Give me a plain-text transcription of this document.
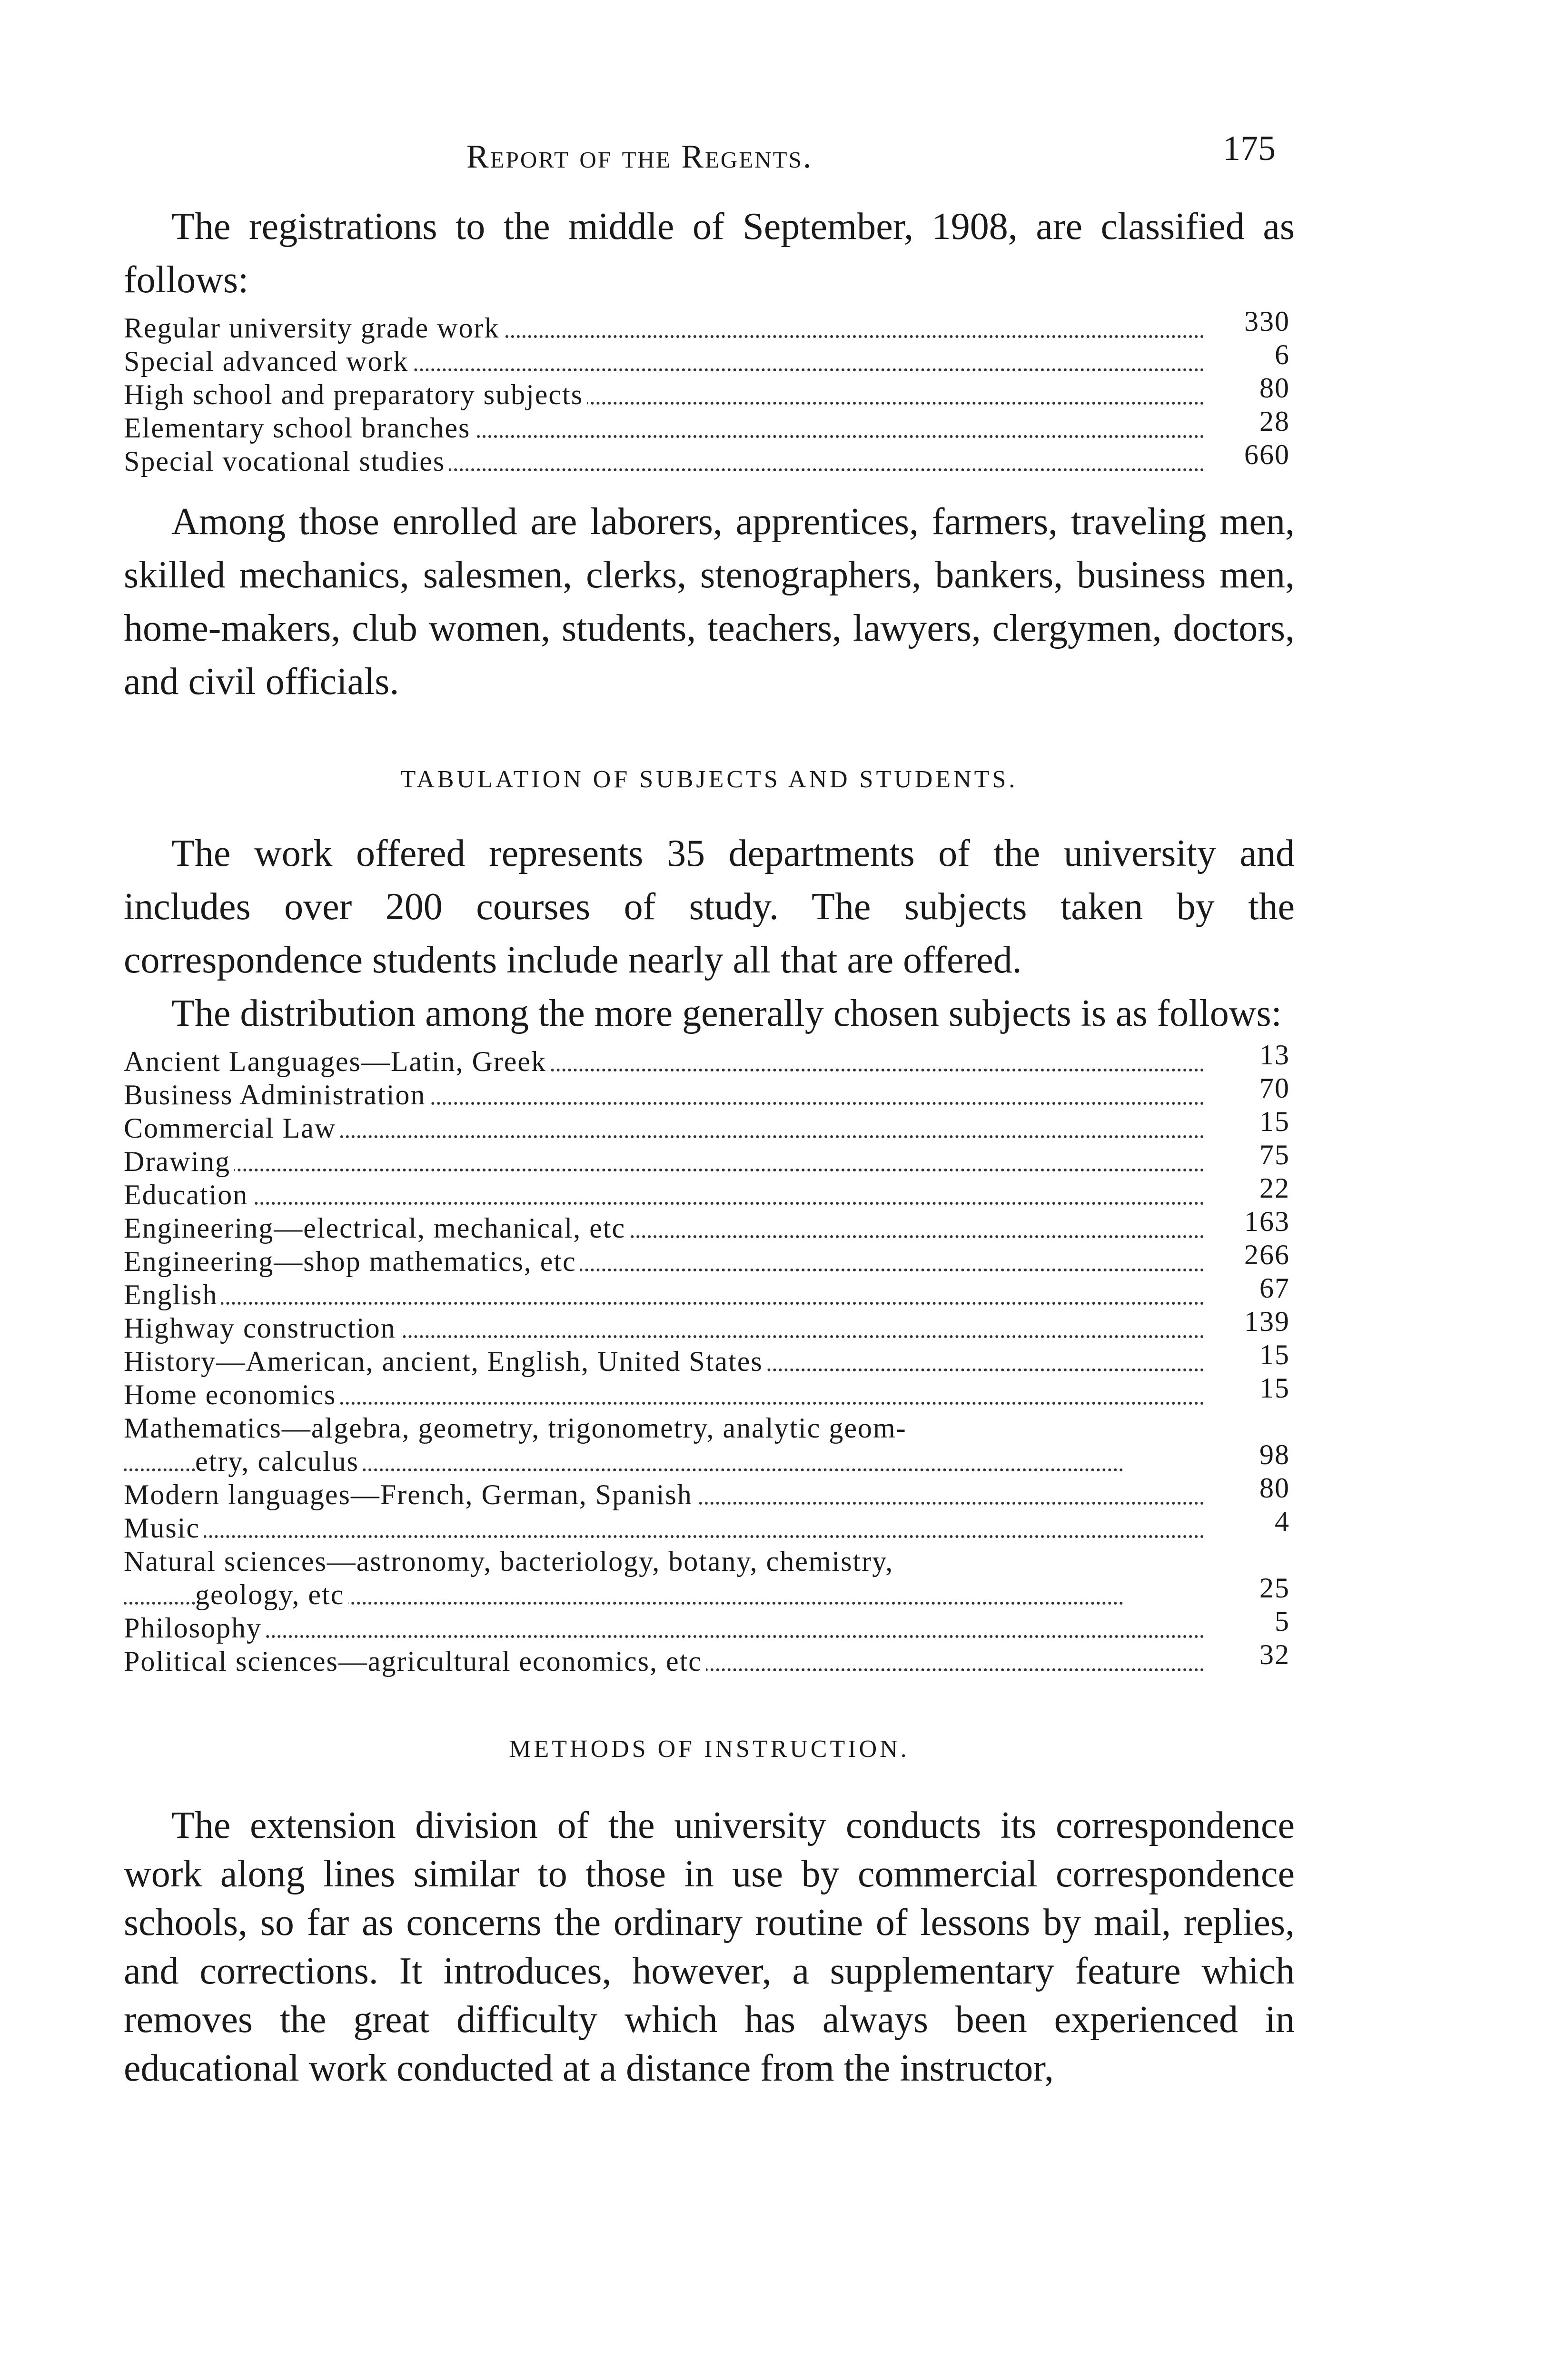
Report of the Regents.	175

The registrations to the middle of September, 1908, are classified as follows:

Regular university grade work	330
Special advanced work	6
High school and preparatory subjects	80
Elementary school branches	28
Special vocational studies	660

Among those enrolled are laborers, apprentices, farmers, traveling men, skilled mechanics, salesmen, clerks, stenographers, bankers, business men, home-makers, club women, students, teachers, lawyers, clergymen, doctors, and civil officials.

TABULATION OF SUBJECTS AND STUDENTS.

The work offered represents 35 departments of the university and includes over 200 courses of study. The subjects taken by the correspondence students include nearly all that are offered.

The distribution among the more generally chosen subjects is as follows:

Ancient Languages—Latin, Greek	13
Business Administration	70
Commercial Law	15
Drawing	75
Education	22
Engineering—electrical, mechanical, etc	163
Engineering—shop mathematics, etc	266
English	67
Highway construction	139
History—American, ancient, English, United States	15
Home economics	15
Mathematics—algebra, geometry, trigonometry, analytic geom-
etry, calculus	98
Modern languages—French, German, Spanish	80
Music	4
Natural sciences—astronomy, bacteriology, botany, chemistry,
geology, etc	25
Philosophy	5
Political sciences—agricultural economics, etc	32

METHODS OF INSTRUCTION.

The extension division of the university conducts its correspondence work along lines similar to those in use by commercial correspondence schools, so far as concerns the ordinary routine of lessons by mail, replies, and corrections. It introduces, however, a supplementary feature which removes the great difficulty which has always been experienced in educational work conducted at a distance from the instructor,
